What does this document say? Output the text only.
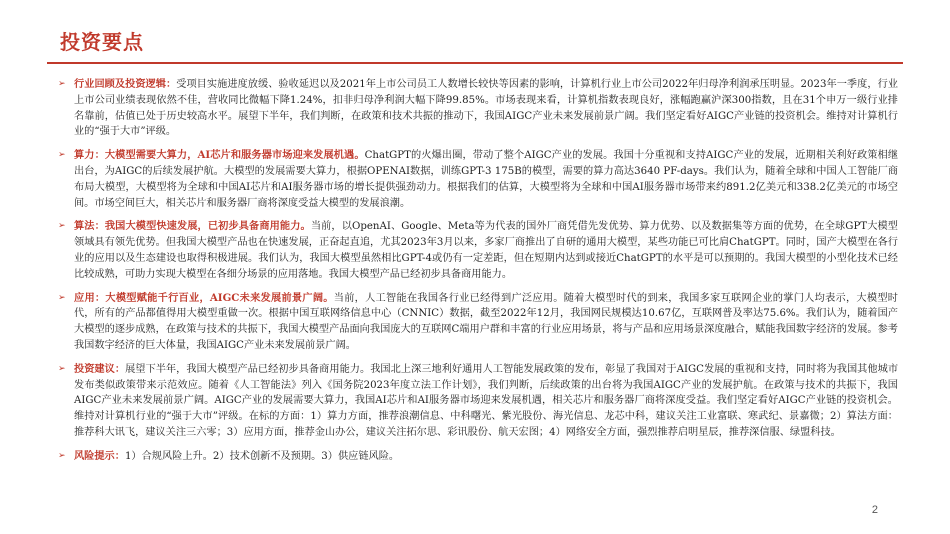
投资要点
➢ 行业回顾及投资逻辑：受项目实施进度放缓、验收延迟以及2021年上市公司员工人数增长较快等因素的影响，计算机行业上市公司2022年归母净利润承压明显。2023年一季度，行业上市公司业绩表现依然不佳，营收同比微幅下降1.24%，扣非归母净利润大幅下降99.85%。市场表现来看，计算机指数表现良好，涨幅跑赢沪深300指数，且在31个申万一级行业排名靠前，估值已处于历史较高水平。展望下半年，我们判断，在政策和技术共振的推动下，我国AIGC产业未来发展前景广阔。我们坚定看好AIGC产业链的投资机会。维持对计算机行业的“强于大市”评级。
➢ 算力：大模型需要大算力，AI芯片和服务器市场迎来发展机遇。ChatGPT的火爆出圈，带动了整个AIGC产业的发展。我国十分重视和支持AIGC产业的发展，近期相关利好政策相继出台，为AIGC的后续发展护航。大模型的发展需要大算力，根据OPENAI数据，训练GPT-3 175B的模型，需要的算力高达3640 PF-days。我们认为，随着全球和中国人工智能厂商布局大模型，大模型将为全球和中国AI芯片和AI服务器市场的增长提供强劲动力。根据我们的估算，大模型将为全球和中国AI服务器市场带来约891.2亿美元和338.2亿美元的市场空间。市场空间巨大，相关芯片和服务器厂商将深度受益大模型的发展浪潮。
➢ 算法：我国大模型快速发展，已初步具备商用能力。当前，以OpenAI、Google、Meta等为代表的国外厂商凭借先发优势、算力优势、以及数据集等方面的优势，在全球GPT大模型领域具有领先优势。但我国大模型产品也在快速发展，正奋起直追，尤其2023年3月以来，多家厂商推出了自研的通用大模型，某些功能已可比肩ChatGPT。同时，国产大模型在各行业的应用以及生态建设也取得积极进展。我们认为，我国大模型虽然相比GPT-4或仍有一定差距，但在短期内达到或接近ChatGPT的水平是可以预期的。我国大模型的小型化技术已经比较成熟，可助力实现大模型在各细分场景的应用落地。我国大模型产品已经初步具备商用能力。
➢ 应用：大模型赋能千行百业，AIGC未来发展前景广阔。当前，人工智能在我国各行业已经得到广泛应用。随着大模型时代的到来，我国多家互联网企业的掌门人均表示，大模型时代，所有的产品都值得用大模型重做一次。根据中国互联网络信息中心（CNNIC）数据，截至2022年12月，我国网民规模达10.67亿，互联网普及率达75.6%。我们认为，随着国产大模型的逐步成熟，在政策与技术的共振下，我国大模型产品面向我国庞大的互联网C端用户群和丰富的行业应用场景，将与产品和应用场景深度融合，赋能我国数字经济的发展。参考我国数字经济的巨大体量，我国AIGC产业未来发展前景广阔。
➢ 投资建议：展望下半年，我国大模型产品已经初步具备商用能力。我国北上深三地利好通用人工智能发展政策的发布，彰显了我国对于AIGC发展的重视和支持，同时将为我国其他城市发布类似政策带来示范效应。随着《人工智能法》列入《国务院2023年度立法工作计划》，我们判断，后续政策的出台将为我国AIGC产业的发展护航。在政策与技术的共振下，我国AIGC产业未来发展前景广阔。AIGC产业的发展需要大算力，我国AI芯片和AI服务器市场迎来发展机遇，相关芯片和服务器厂商将深度受益。我们坚定看好AIGC产业链的投资机会。维持对计算机行业的“强于大市”评级。在标的方面：1）算力方面，推荐浪潮信息、中科曙光、紫光股份、海光信息、龙芯中科，建议关注工业富联、寒武纪、景嘉微；2）算法方面：推荐科大讯飞，建议关注三六零；3）应用方面，推荐金山办公，建议关注拓尔思、彩讯股份、航天宏图；4）网络安全方面，强烈推荐启明星辰，推荐深信服、绿盟科技。
➢ 风险提示：1）合规风险上升。2）技术创新不及预期。3）供应链风险。
2
